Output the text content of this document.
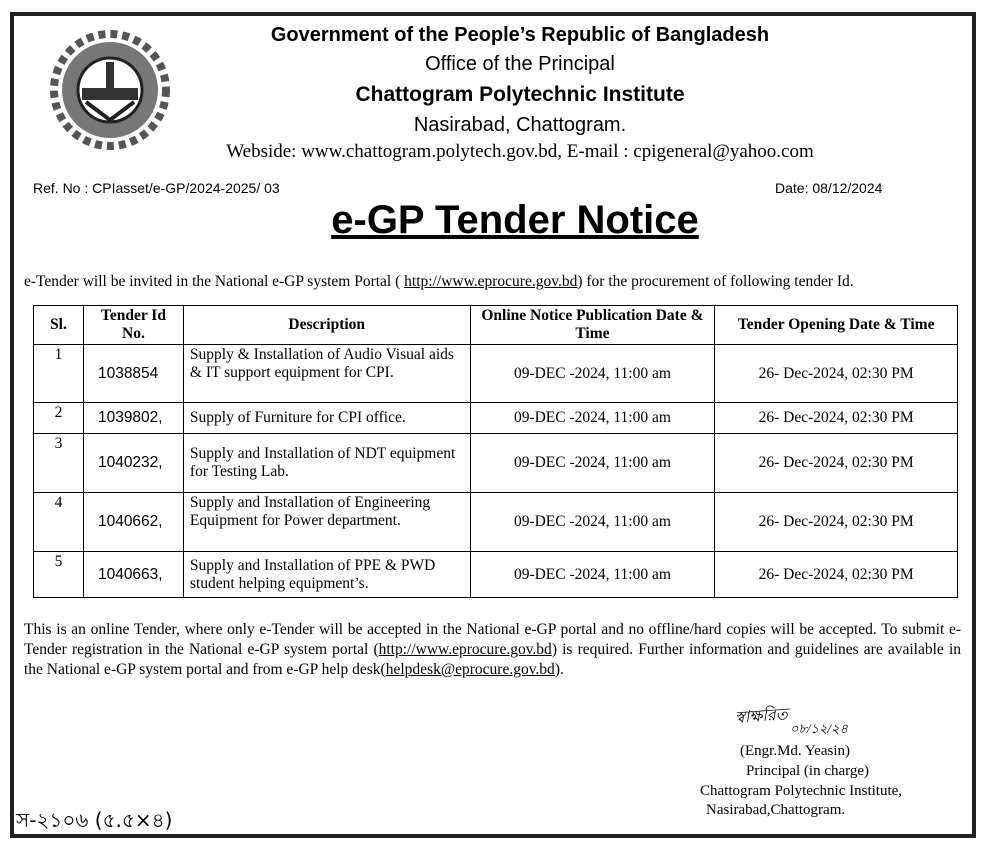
Government of the People’s Republic of Bangladesh
Office of the Principal
Chattogram Polytechnic Institute
Nasirabad, Chattogram.
Webside: www.chattogram.polytech.gov.bd, E-mail : cpigeneral@yahoo.com
Ref. No : CPIasset/e-GP/2024-2025/ 03	Date: 08/12/2024
e-GP Tender Notice
e-Tender will be invited in the National e-GP system Portal ( http://www.eprocure.gov.bd) for the procurement of following tender Id.
Sl.	Tender Id No.	Description	Online Notice Publication Date & Time	Tender Opening Date & Time
1	1038854	Supply & Installation of Audio Visual aids & IT support equipment for CPI.	09-DEC -2024, 11:00 am	26- Dec-2024, 02:30 PM
2	1039802,	Supply of Furniture for CPI office.	09-DEC -2024, 11:00 am	26- Dec-2024, 02:30 PM
3	1040232,	Supply and Installation of NDT equipment for Testing Lab.	09-DEC -2024, 11:00 am	26- Dec-2024, 02:30 PM
4	1040662,	Supply and Installation of Engineering Equipment for Power department.	09-DEC -2024, 11:00 am	26- Dec-2024, 02:30 PM
5	1040663,	Supply and Installation of PPE & PWD student helping equipment’s.	09-DEC -2024, 11:00 am	26- Dec-2024, 02:30 PM
This is an online Tender, where only e-Tender will be accepted in the National e-GP portal and no offline/hard copies will be accepted. To submit e-Tender registration in the National e-GP system portal (http://www.eprocure.gov.bd) is required. Further information and guidelines are available in the National e-GP system portal and from e-GP help desk(helpdesk@eprocure.gov.bd).
স্বাক্ষরিত
০৮/১২/২৪
(Engr.Md. Yeasin)
Principal (in charge)
Chattogram Polytechnic Institute,
Nasirabad,Chattogram.
স-২১০৬ (৫.৫×৪)
